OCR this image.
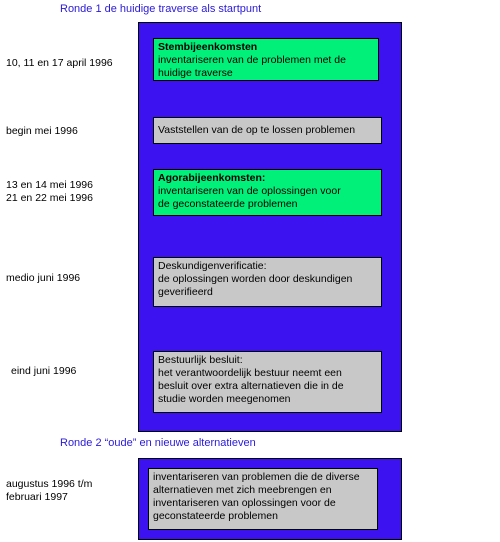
Ronde 1 de huidige traverse als startpunt
10, 11 en 17 april 1996
Stembijeenkomsten
inventariseren van de problemen met de
huidige traverse
begin mei 1996	Vaststellen van de op te lossen problemen
13 en 14 mei 1996
21 en 22 mei 1996
Agorabijeenkomsten:
inventariseren van de oplossingen voor
de geconstateerde problemen
medio juni 1996
Deskundigenverificatie:
de oplossingen worden door deskundigen
geverifieerd
eind juni 1996
Bestuurlijk besluit:
het verantwoordelijk bestuur neemt een
besluit over extra alternatieven die in de
studie worden meegenomen
Ronde 2 “oude” en nieuwe alternatieven
augustus 1996 t/m
februari 1997
inventariseren van problemen die de diverse
alternatieven met zich meebrengen en
inventariseren van oplossingen voor de
geconstateerde problemen
